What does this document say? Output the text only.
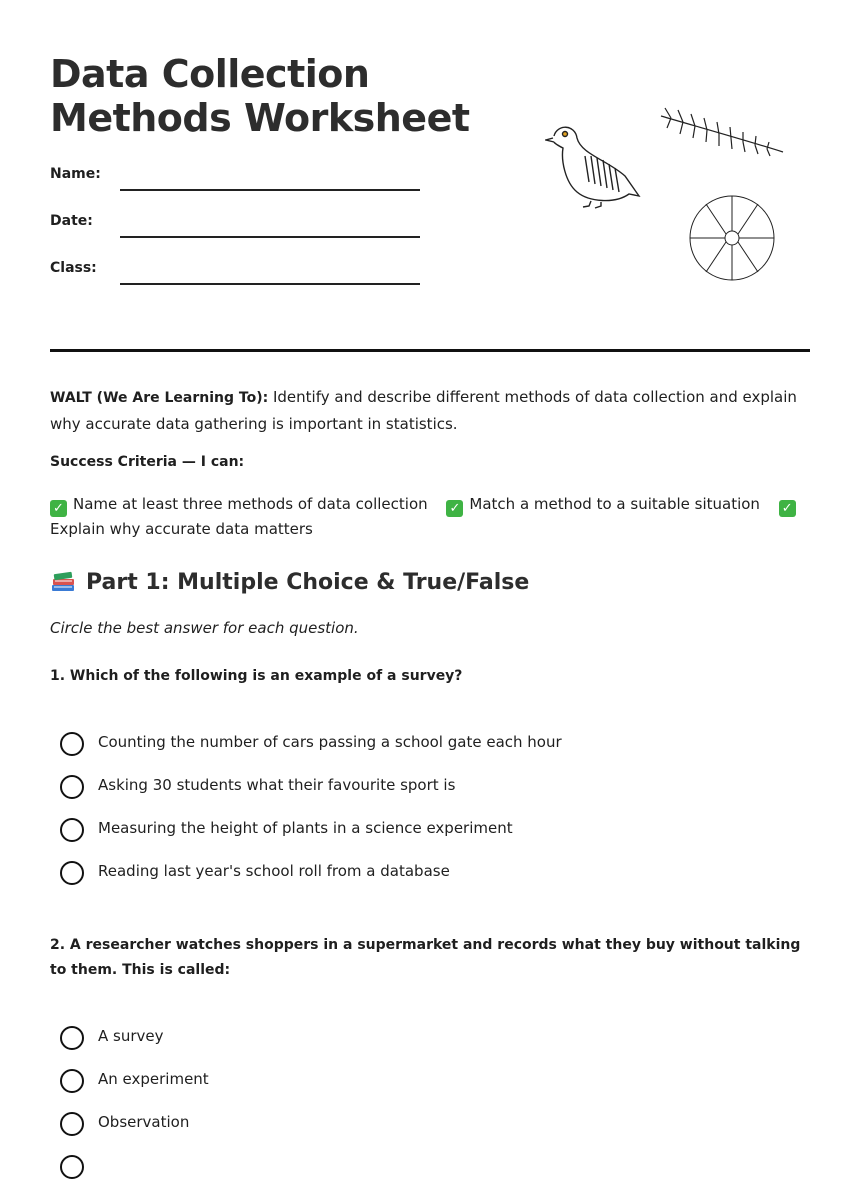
Data Collection
Methods Worksheet
Name:
Date:
Class:
WALT (We Are Learning To): Identify and describe different methods of data collection and explain why accurate data gathering is important in statistics.
Success Criteria — I can:
✓ Name at least three methods of data collection ✓ Match a method to a suitable situation ✓Explain why accurate data matters
Part 1: Multiple Choice & True/False
Circle the best answer for each question.
1. Which of the following is an example of a survey?
Counting the number of cars passing a school gate each hour
Asking 30 students what their favourite sport is
Measuring the height of plants in a science experiment
Reading last year's school roll from a database
2. A researcher watches shoppers in a supermarket and records what they buy without talking to them. This is called:
A survey
An experiment
Observation
